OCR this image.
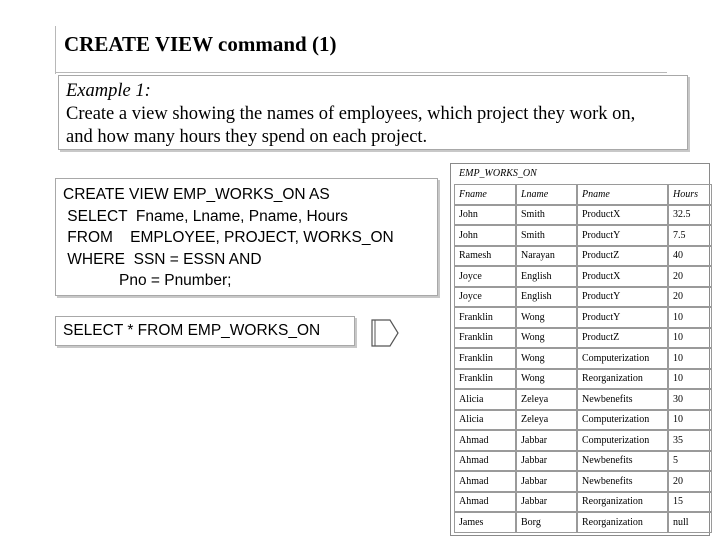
CREATE VIEW command (1)
Example 1:
Create a view showing the names of employees, which project they work on,
and how many hours they spend on each project.
CREATE VIEW EMP_WORKS_ON AS
SELECT  Fname, Lname, Pname, Hours
FROM    EMPLOYEE, PROJECT, WORKS_ON
WHERE  SSN = ESSN AND
Pno = Pnumber;
SELECT * FROM EMP_WORKS_ON
EMP_WORKS_ON
Fname	Lname	Pname	Hours
John	Smith	ProductX	32.5
John	Smith	ProductY	7.5
Ramesh	Narayan	ProductZ	40
Joyce	English	ProductX	20
Joyce	English	ProductY	20
Franklin	Wong	ProductY	10
Franklin	Wong	ProductZ	10
Franklin	Wong	Computerization	10
Franklin	Wong	Reorganization	10
Alicia	Zeleya	Newbenefits	30
Alicia	Zeleya	Computerization	10
Ahmad	Jabbar	Computerization	35
Ahmad	Jabbar	Newbenefits	5
Ahmad	Jabbar	Newbenefits	20
Ahmad	Jabbar	Reorganization	15
James	Borg	Reorganization	null
